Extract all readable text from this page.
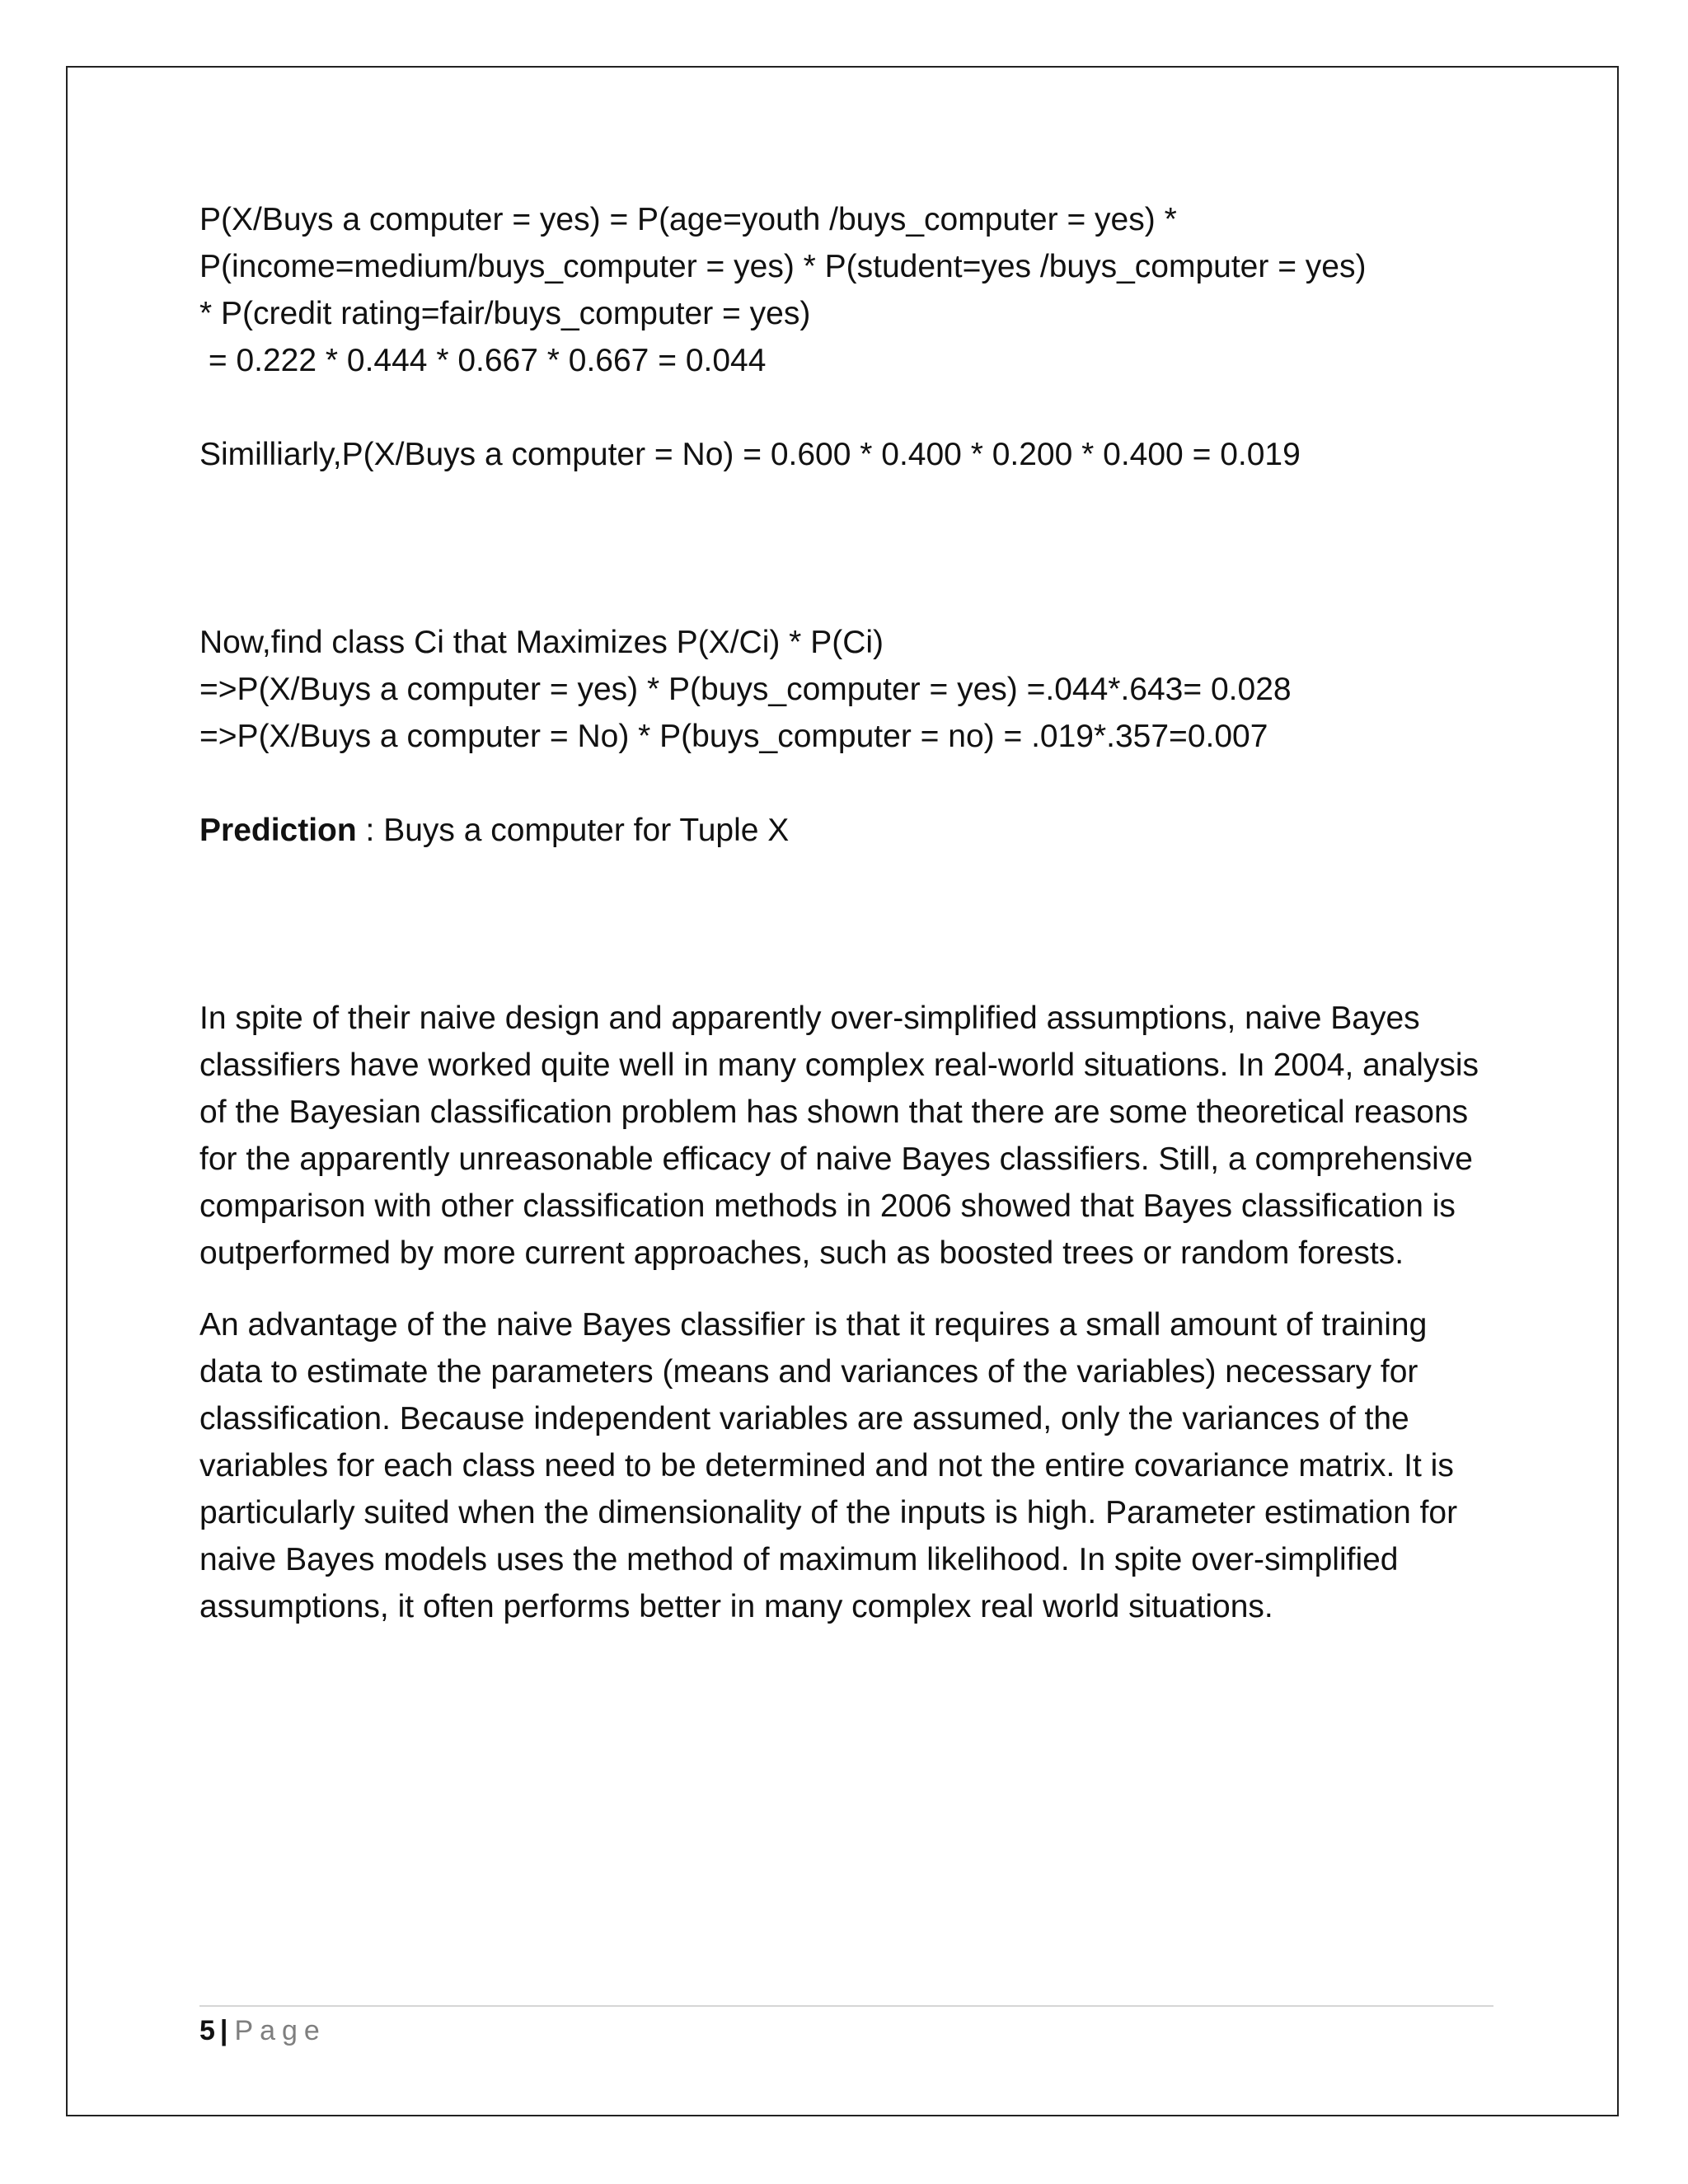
P(X/Buys a computer = yes) = P(age=youth /buys_computer = yes) *

P(income=medium/buys_computer = yes) * P(student=yes /buys_computer = yes)

* P(credit rating=fair/buys_computer = yes)

= 0.222 * 0.444 * 0.667 * 0.667 = 0.044

Similliarly,P(X/Buys a computer = No) = 0.600 * 0.400 * 0.200 * 0.400 = 0.019

Now,find class Ci that Maximizes P(X/Ci) * P(Ci)

=>P(X/Buys a computer = yes) * P(buys_computer = yes) =.044*.643= 0.028

=>P(X/Buys a computer = No) * P(buys_computer = no) = .019*.357=0.007

Prediction : Buys a computer for Tuple X

In spite of their naive design and apparently over-simplified assumptions, naive Bayes classifiers have worked quite well in many complex real-world situations. In 2004, analysis of the Bayesian classification problem has shown that there are some theoretical reasons for the apparently unreasonable efficacy of naive Bayes classifiers. Still, a comprehensive comparison with other classification methods in 2006 showed that Bayes classification is outperformed by more current approaches, such as boosted trees or random forests.

An advantage of the naive Bayes classifier is that it requires a small amount of training data to estimate the parameters (means and variances of the variables) necessary for classification. Because independent variables are assumed, only the variances of the variables for each class need to be determined and not the entire covariance matrix. It is particularly suited when the dimensionality of the inputs is high. Parameter estimation for naive Bayes models uses the method of maximum likelihood. In spite over-simplified assumptions, it often performs better in many complex real world situations.

5 | Page
